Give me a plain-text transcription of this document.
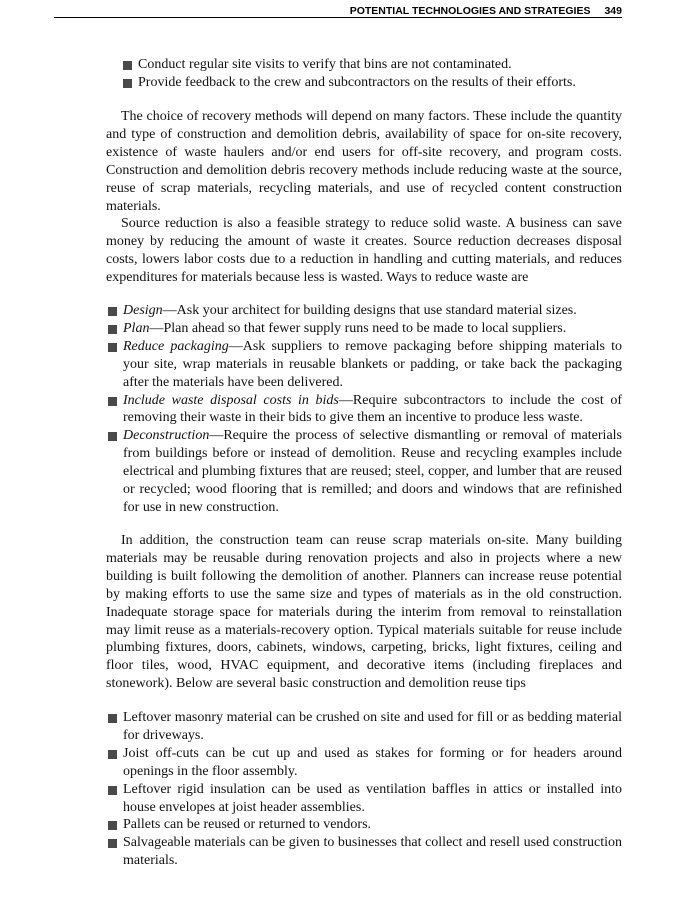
POTENTIAL TECHNOLOGIES AND STRATEGIES 349
Conduct regular site visits to verify that bins are not contaminated.
Provide feedback to the crew and subcontractors on the results of their efforts.

The choice of recovery methods will depend on many factors. These include the quantity and type of construction and demolition debris, availability of space for on-site recovery, existence of waste haulers and/or end users for off-site recovery, and program costs. Construction and demolition debris recovery methods include reducing waste at the source, reuse of scrap materials, recycling materials, and use of recycled content construction materials.

Source reduction is also a feasible strategy to reduce solid waste. A business can save money by reducing the amount of waste it creates. Source reduction decreases disposal costs, lowers labor costs due to a reduction in handling and cutting materials, and reduces expenditures for materials because less is wasted. Ways to reduce waste are

Design—Ask your architect for building designs that use standard material sizes.
Plan—Plan ahead so that fewer supply runs need to be made to local suppliers.
Reduce packaging—Ask suppliers to remove packaging before shipping materials to your site, wrap materials in reusable blankets or padding, or take back the packaging after the materials have been delivered.
Include waste disposal costs in bids—Require subcontractors to include the cost of removing their waste in their bids to give them an incentive to produce less waste.
Deconstruction—Require the process of selective dismantling or removal of materials from buildings before or instead of demolition. Reuse and recycling examples include electrical and plumbing fixtures that are reused; steel, copper, and lumber that are reused or recycled; wood flooring that is remilled; and doors and windows that are refinished for use in new construction.

In addition, the construction team can reuse scrap materials on-site. Many building materials may be reusable during renovation projects and also in projects where a new building is built following the demolition of another. Planners can increase reuse potential by making efforts to use the same size and types of materials as in the old construction. Inadequate storage space for materials during the interim from removal to reinstallation may limit reuse as a materials-recovery option. Typical materials suitable for reuse include plumbing fixtures, doors, cabinets, windows, carpeting, bricks, light fixtures, ceiling and floor tiles, wood, HVAC equipment, and decorative items (including fireplaces and stonework). Below are several basic construction and demolition reuse tips

Leftover masonry material can be crushed on site and used for fill or as bedding material for driveways.
Joist off-cuts can be cut up and used as stakes for forming or for headers around openings in the floor assembly.
Leftover rigid insulation can be used as ventilation baffles in attics or installed into house envelopes at joist header assemblies.
Pallets can be reused or returned to vendors.
Salvageable materials can be given to businesses that collect and resell used construction materials.
